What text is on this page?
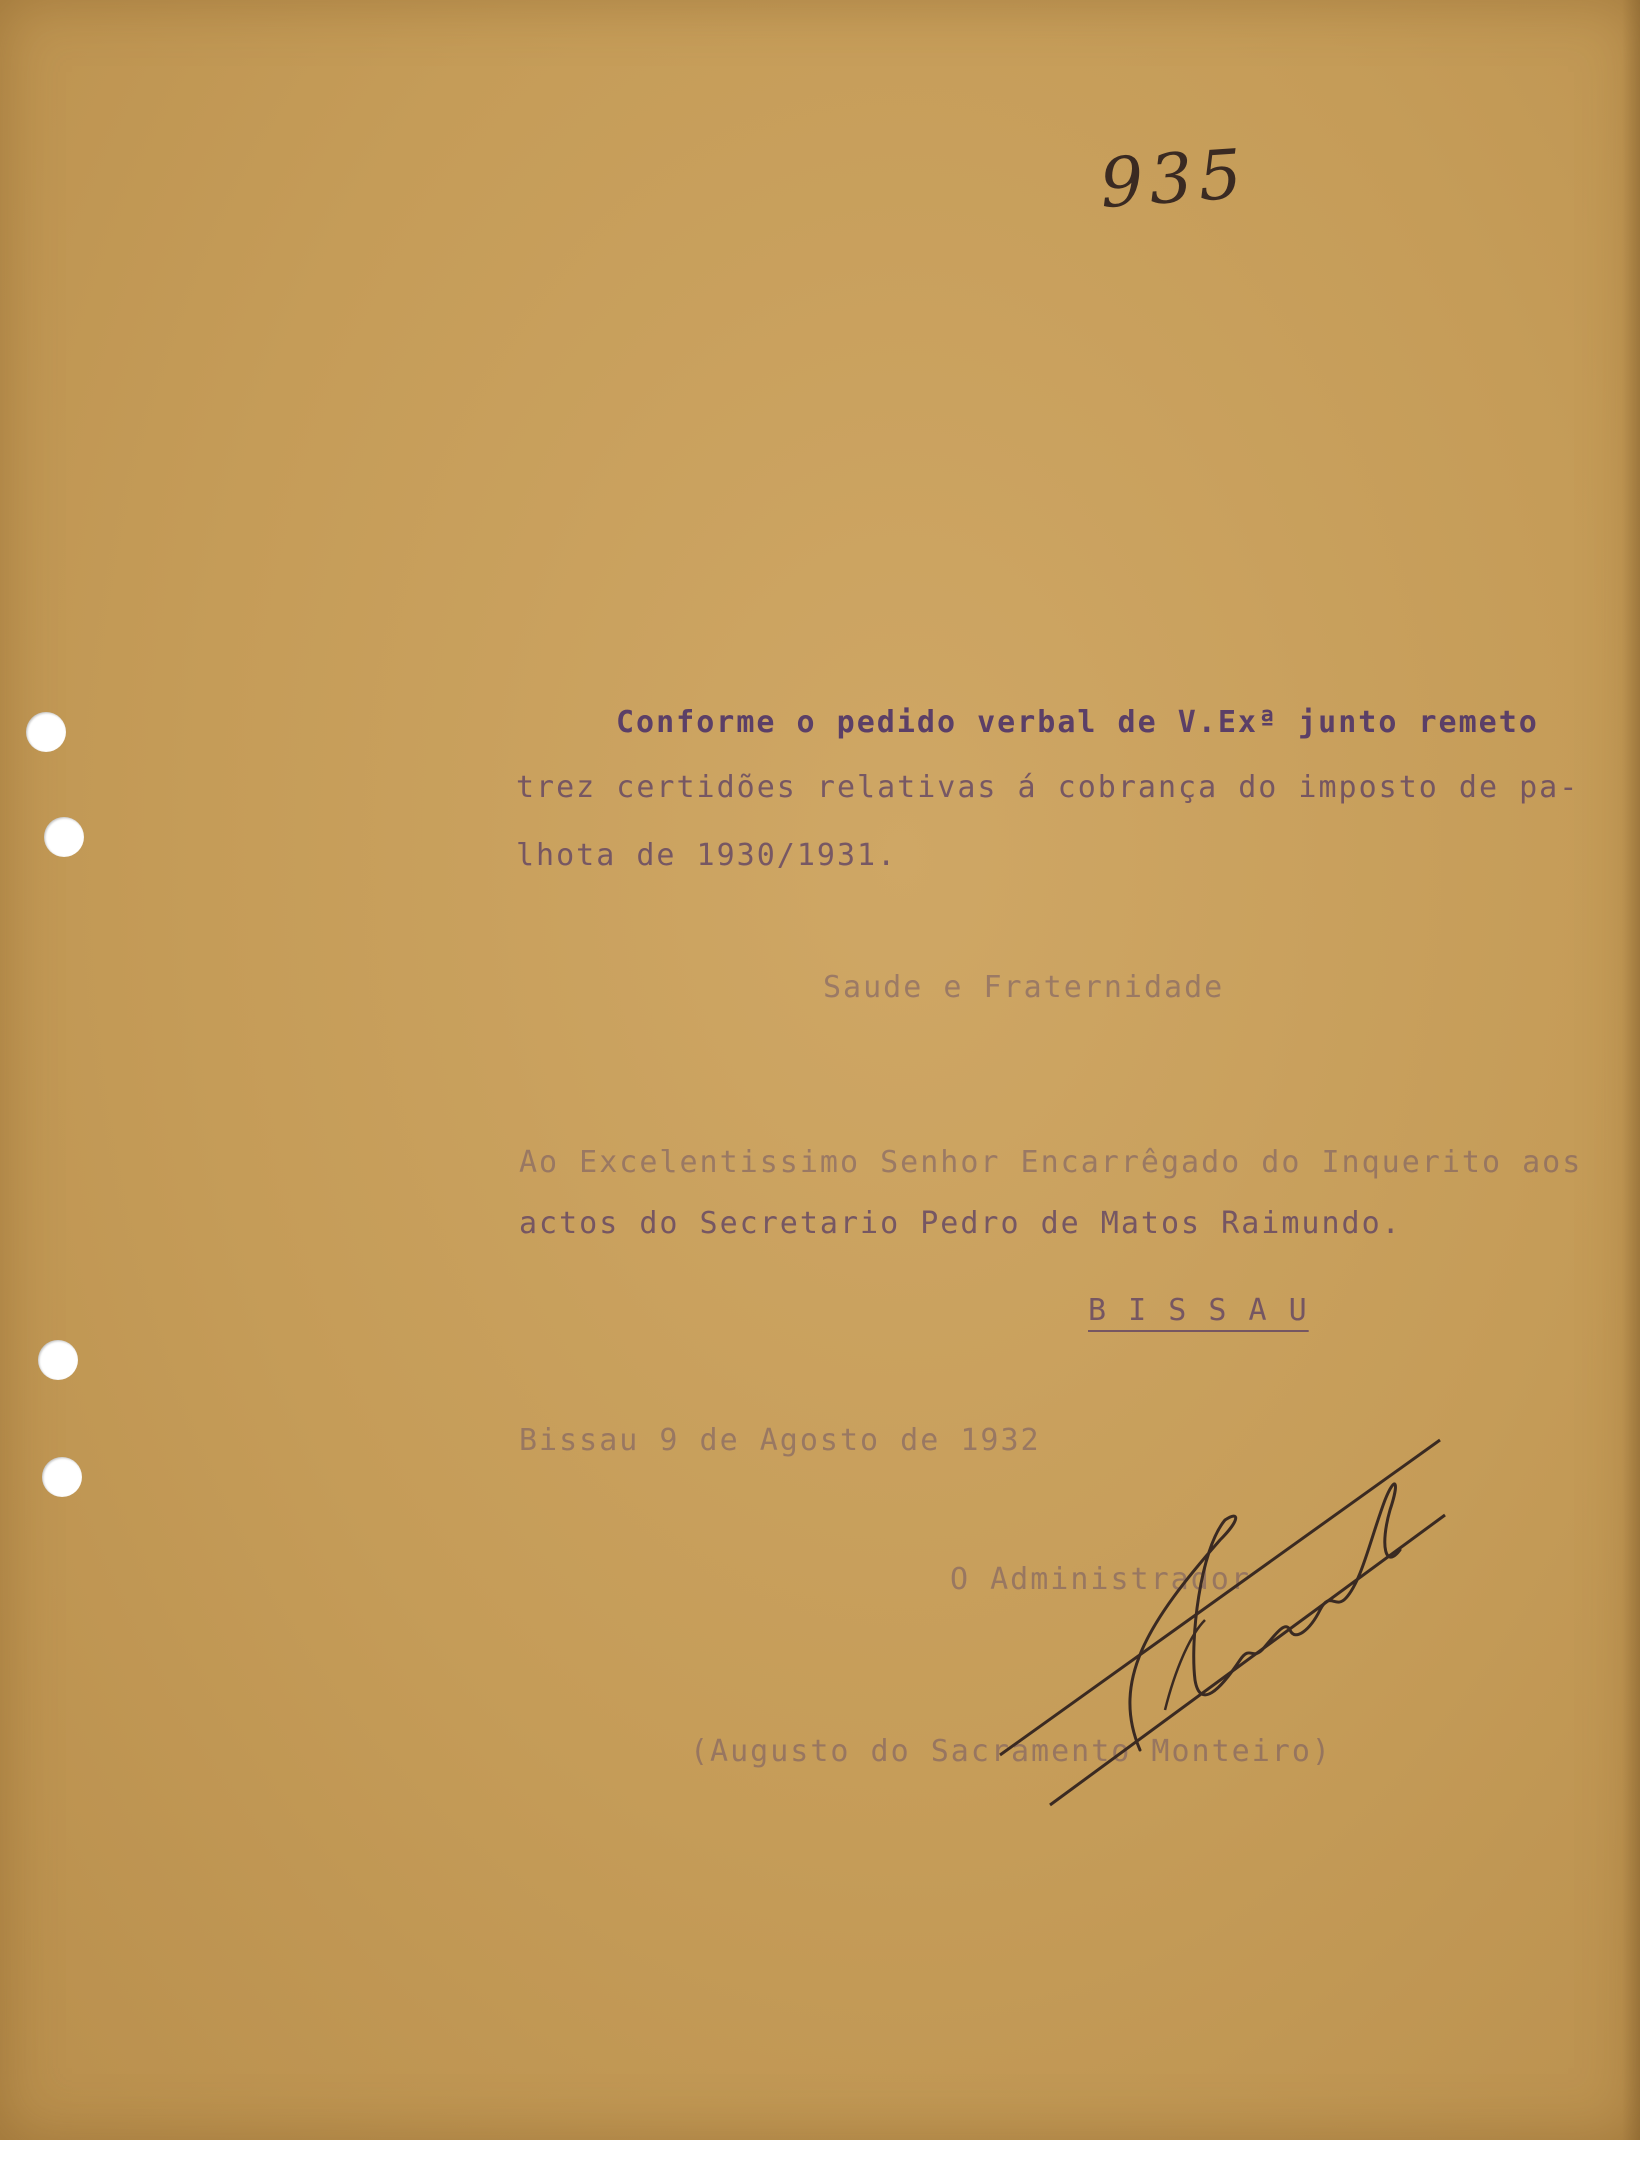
935
Conforme o pedido verbal de V.Exª junto remeto
trez certidões relativas á cobrança do imposto de pa-
lhota de 1930/1931.
Saude e Fraternidade
Ao Excelentissimo Senhor Encarrêgado do Inquerito aos
actos do Secretario Pedro de Matos Raimundo.
B I S S A U
Bissau 9 de Agosto de 1932
O Administrador
(Augusto do Sacramento Monteiro)
